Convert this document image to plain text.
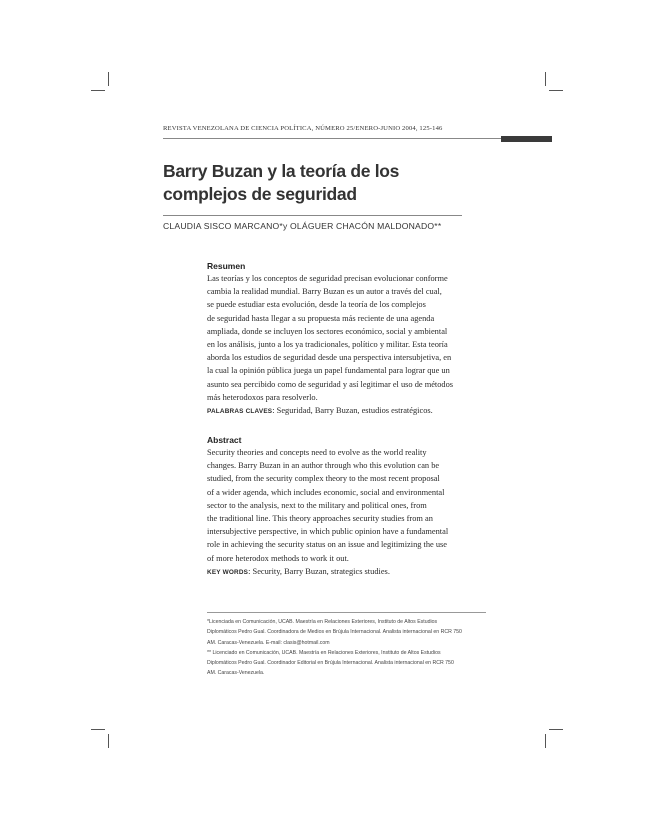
REVISTA VENEZOLANA DE CIENCIA POLÍTICA, NÚMERO 25/ENERO-JUNIO 2004, 125-146
Barry Buzan y la teoría de los
complejos de seguridad
CLAUDIA SISCO MARCANO*y OLÁGUER CHACÓN MALDONADO**
Resumen
Las teorías y los conceptos de seguridad precisan evolucionar conforme
cambia la realidad mundial. Barry Buzan es un autor a través del cual,
se puede estudiar esta evolución, desde la teoría de los complejos
de seguridad hasta llegar a su propuesta más reciente de una agenda
ampliada, donde se incluyen los sectores económico, social y ambiental
en los análisis, junto a los ya tradicionales, político y militar. Esta teoría
aborda los estudios de seguridad desde una perspectiva intersubjetiva, en
la cual la opinión pública juega un papel fundamental para lograr que un
asunto sea percibido como de seguridad y así legitimar el uso de métodos
más heterodoxos para resolverlo.
PALABRAS CLAVES: Seguridad, Barry Buzan, estudios estratégicos.
Abstract
Security theories and concepts need to evolve as the world reality
changes. Barry Buzan in an author through who this evolution can be
studied, from the security complex theory to the most recent proposal
of a wider agenda, which includes economic, social and environmental
sector to the analysis, next to the military and political ones, from
the traditional line. This theory approaches security studies from an
intersubjective perspective, in which public opinion have a fundamental
role in achieving the security status on an issue and legitimizing the use
of more heterodox methods to work it out.
KEY WORDS: Security, Barry Buzan, strategics studies.
*Licenciada en Comunicación, UCAB. Maestría en Relaciones Exteriores, Instituto de Altos Estudios
Diplomáticos Pedro Gual. Coordinadora de Medios en Brújula Internacional. Analista internacional en RCR 750
AM. Caracas-Venezuela. E-mail: clasis@hotmail.com
** Licenciado en Comunicación, UCAB. Maestría en Relaciones Exteriores, Instituto de Altos Estudios
Diplomáticos Pedro Gual. Coordinador Editorial en Brújula Internacional. Analista internacional en RCR 750
AM. Caracas-Venezuela.
